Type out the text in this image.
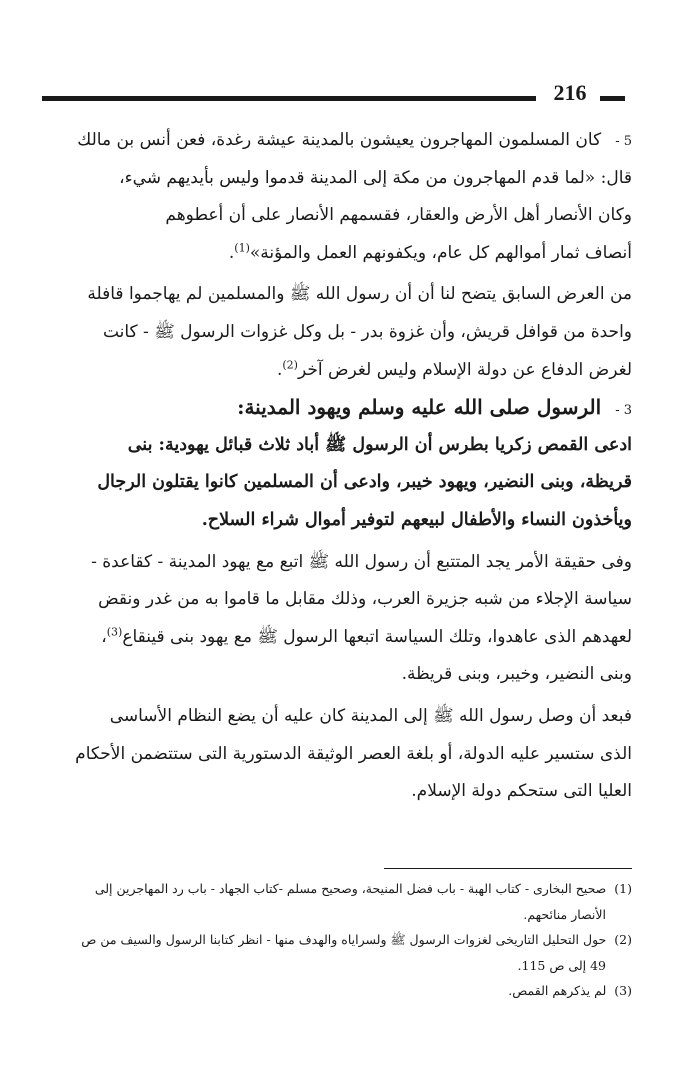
216
5 -كان المسلمون المهاجرون يعيشون بالمدينة عيشة رغدة، فعن أنس بن مالك
قال: «لما قدم المهاجرون من مكة إلى المدينة قدموا وليس بأيديهم شيء،
وكان الأنصار أهل الأرض والعقار، فقسمهم الأنصار على أن أعطوهم
أنصاف ثمار أموالهم كل عام، ويكفونهم العمل والمؤنة»$^{(1)}$.
من العرض السابق يتضح لنا أن أن رسول الله ﷺ والمسلمين لم يهاجموا قافلة
واحدة من قوافل قريش، وأن غزوة بدر - بل وكل غزوات الرسول ﷺ - كانت
لغرض الدفاع عن دولة الإسلام وليس لغرض آخر$^{(2)}$.
3 -الرسول صلى الله عليه وسلم ويهود المدينة:
ادعى القمص زكريا بطرس أن الرسول ﷺ أباد ثلاث قبائل يهودية: بنى
قريظة، وبنى النضير، ويهود خيبر، وادعى أن المسلمين كانوا يقتلون الرجال
ويأخذون النساء والأطفال لبيعهم لتوفير أموال شراء السلاح.
وفى حقيقة الأمر يجد المتتبع أن رسول الله ﷺ اتبع مع يهود المدينة - كقاعدة -
سياسة الإجلاء من شبه جزيرة العرب، وذلك مقابل ما قاموا به من غدر ونقض
لعهدهم الذى عاهدوا، وتلك السياسة اتبعها الرسول ﷺ مع يهود بنى قينقاع$^{(3)}$،
وبنى النضير، وخيبر، وبنى قريظة.
فبعد أن وصل رسول الله ﷺ إلى المدينة كان عليه أن يضع النظام الأساسى
الذى ستسير عليه الدولة، أو بلغة العصر الوثيقة الدستورية التى ستتضمن الأحكام
العليا التى ستحكم دولة الإسلام.
(1)صحيح البخارى - كتاب الهبة - باب فضل المنيحة، وصحيح مسلم -كتاب الجهاد - باب رد المهاجرين إلى
الأنصار منائحهم.
(2)حول التحليل التاريخى لغزوات الرسول ﷺ ولسراياه والهدف منها - انظر كتابنا الرسول والسيف من ص
49 إلى ص 115.
(3)لم يذكرهم القمص.
